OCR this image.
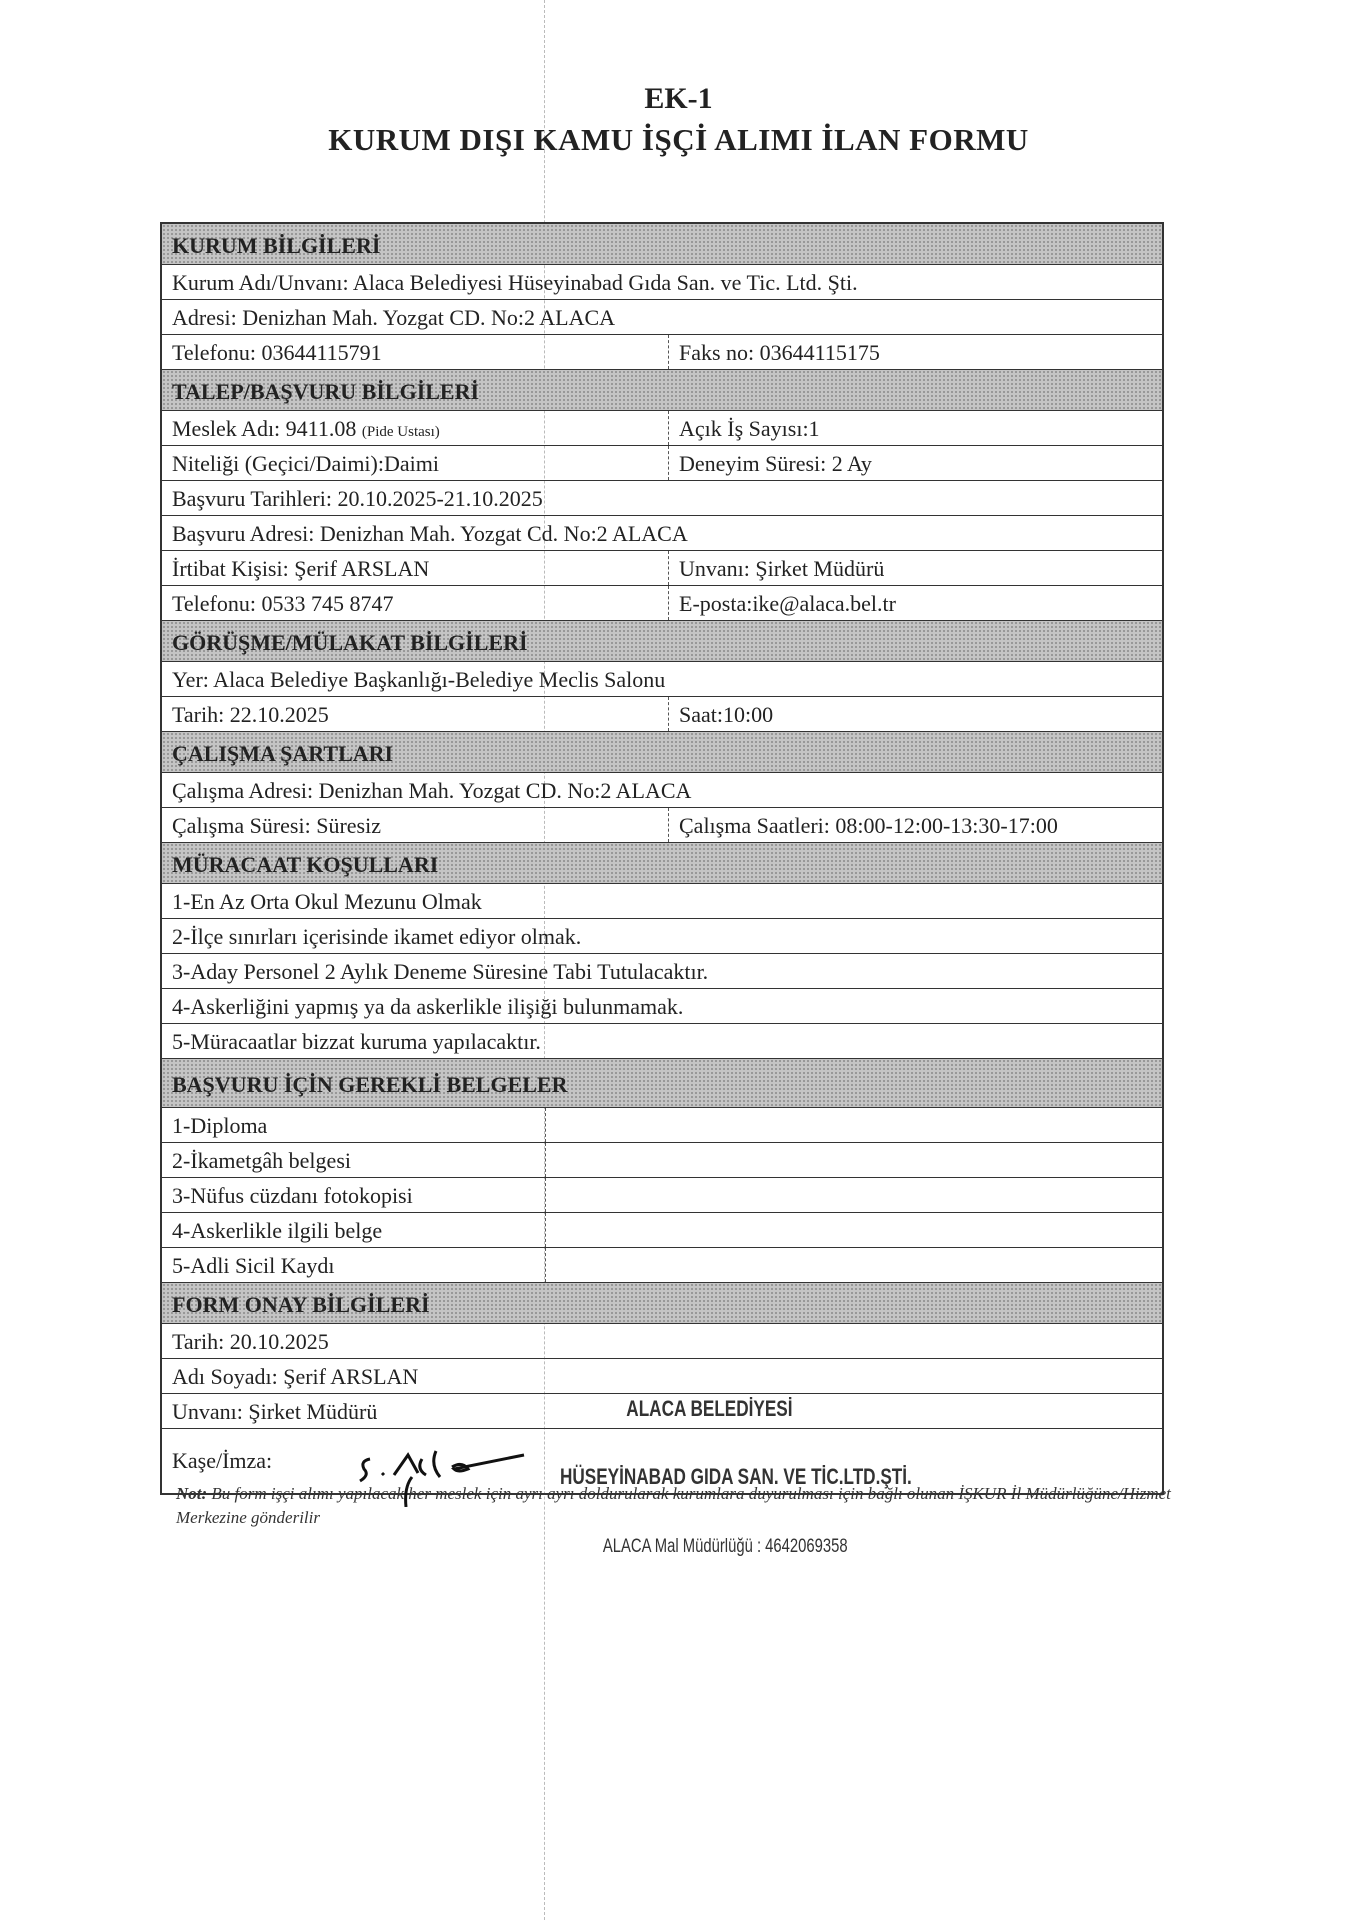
EK-1
KURUM DIŞI KAMU İŞÇİ ALIMI İLAN FORMU
KURUM BİLGİLERİ
Kurum Adı/Unvanı: Alaca Belediyesi Hüseyinabad Gıda San. ve Tic. Ltd. Şti.
Adresi: Denizhan Mah. Yozgat CD. No:2 ALACA
Telefonu: 03644115791	Faks no: 03644115175
TALEP/BAŞVURU BİLGİLERİ
Meslek Adı: 9411.08 (Pide Ustası)	Açık İş Sayısı:1
Niteliği (Geçici/Daimi):Daimi	Deneyim Süresi: 2 Ay
Başvuru Tarihleri: 20.10.2025-21.10.2025
Başvuru Adresi: Denizhan Mah. Yozgat Cd. No:2 ALACA
İrtibat Kişisi: Şerif ARSLAN	Unvanı: Şirket Müdürü
Telefonu: 0533 745 8747	E-posta:ike@alaca.bel.tr
GÖRÜŞME/MÜLAKAT BİLGİLERİ
Yer: Alaca Belediye Başkanlığı-Belediye Meclis Salonu
Tarih: 22.10.2025	Saat:10:00
ÇALIŞMA ŞARTLARI
Çalışma Adresi: Denizhan Mah. Yozgat CD. No:2 ALACA
Çalışma Süresi: Süresiz	Çalışma Saatleri: 08:00-12:00-13:30-17:00
MÜRACAAT KOŞULLARI
1-En Az Orta Okul Mezunu Olmak
2-İlçe sınırları içerisinde ikamet ediyor olmak.
3-Aday Personel 2 Aylık Deneme Süresine Tabi Tutulacaktır.
4-Askerliğini yapmış ya da askerlikle ilişiği bulunmamak.
5-Müracaatlar bizzat kuruma yapılacaktır.
BAŞVURU İÇİN GEREKLİ BELGELER
1-Diploma
2-İkametgâh belgesi
3-Nüfus cüzdanı fotokopisi
4-Askerlikle ilgili belge
5-Adli Sicil Kaydı
FORM ONAY BİLGİLERİ
Tarih: 20.10.2025
Adı Soyadı: Şerif ARSLAN
Unvanı: Şirket Müdürü
Kaşe/İmza:
ALACA BELEDİYESİ
HÜSEYİNABAD GIDA SAN. VE TİC.LTD.ŞTİ.
ALACA Mal Müdürlüğü : 4642069358
Not: Bu form işçi alımı yapılacak her meslek için ayrı ayrı doldurularak kurumlara duyurulması için bağlı olunan İŞKUR İl Müdürlüğüne/Hizmet Merkezine gönderilir
